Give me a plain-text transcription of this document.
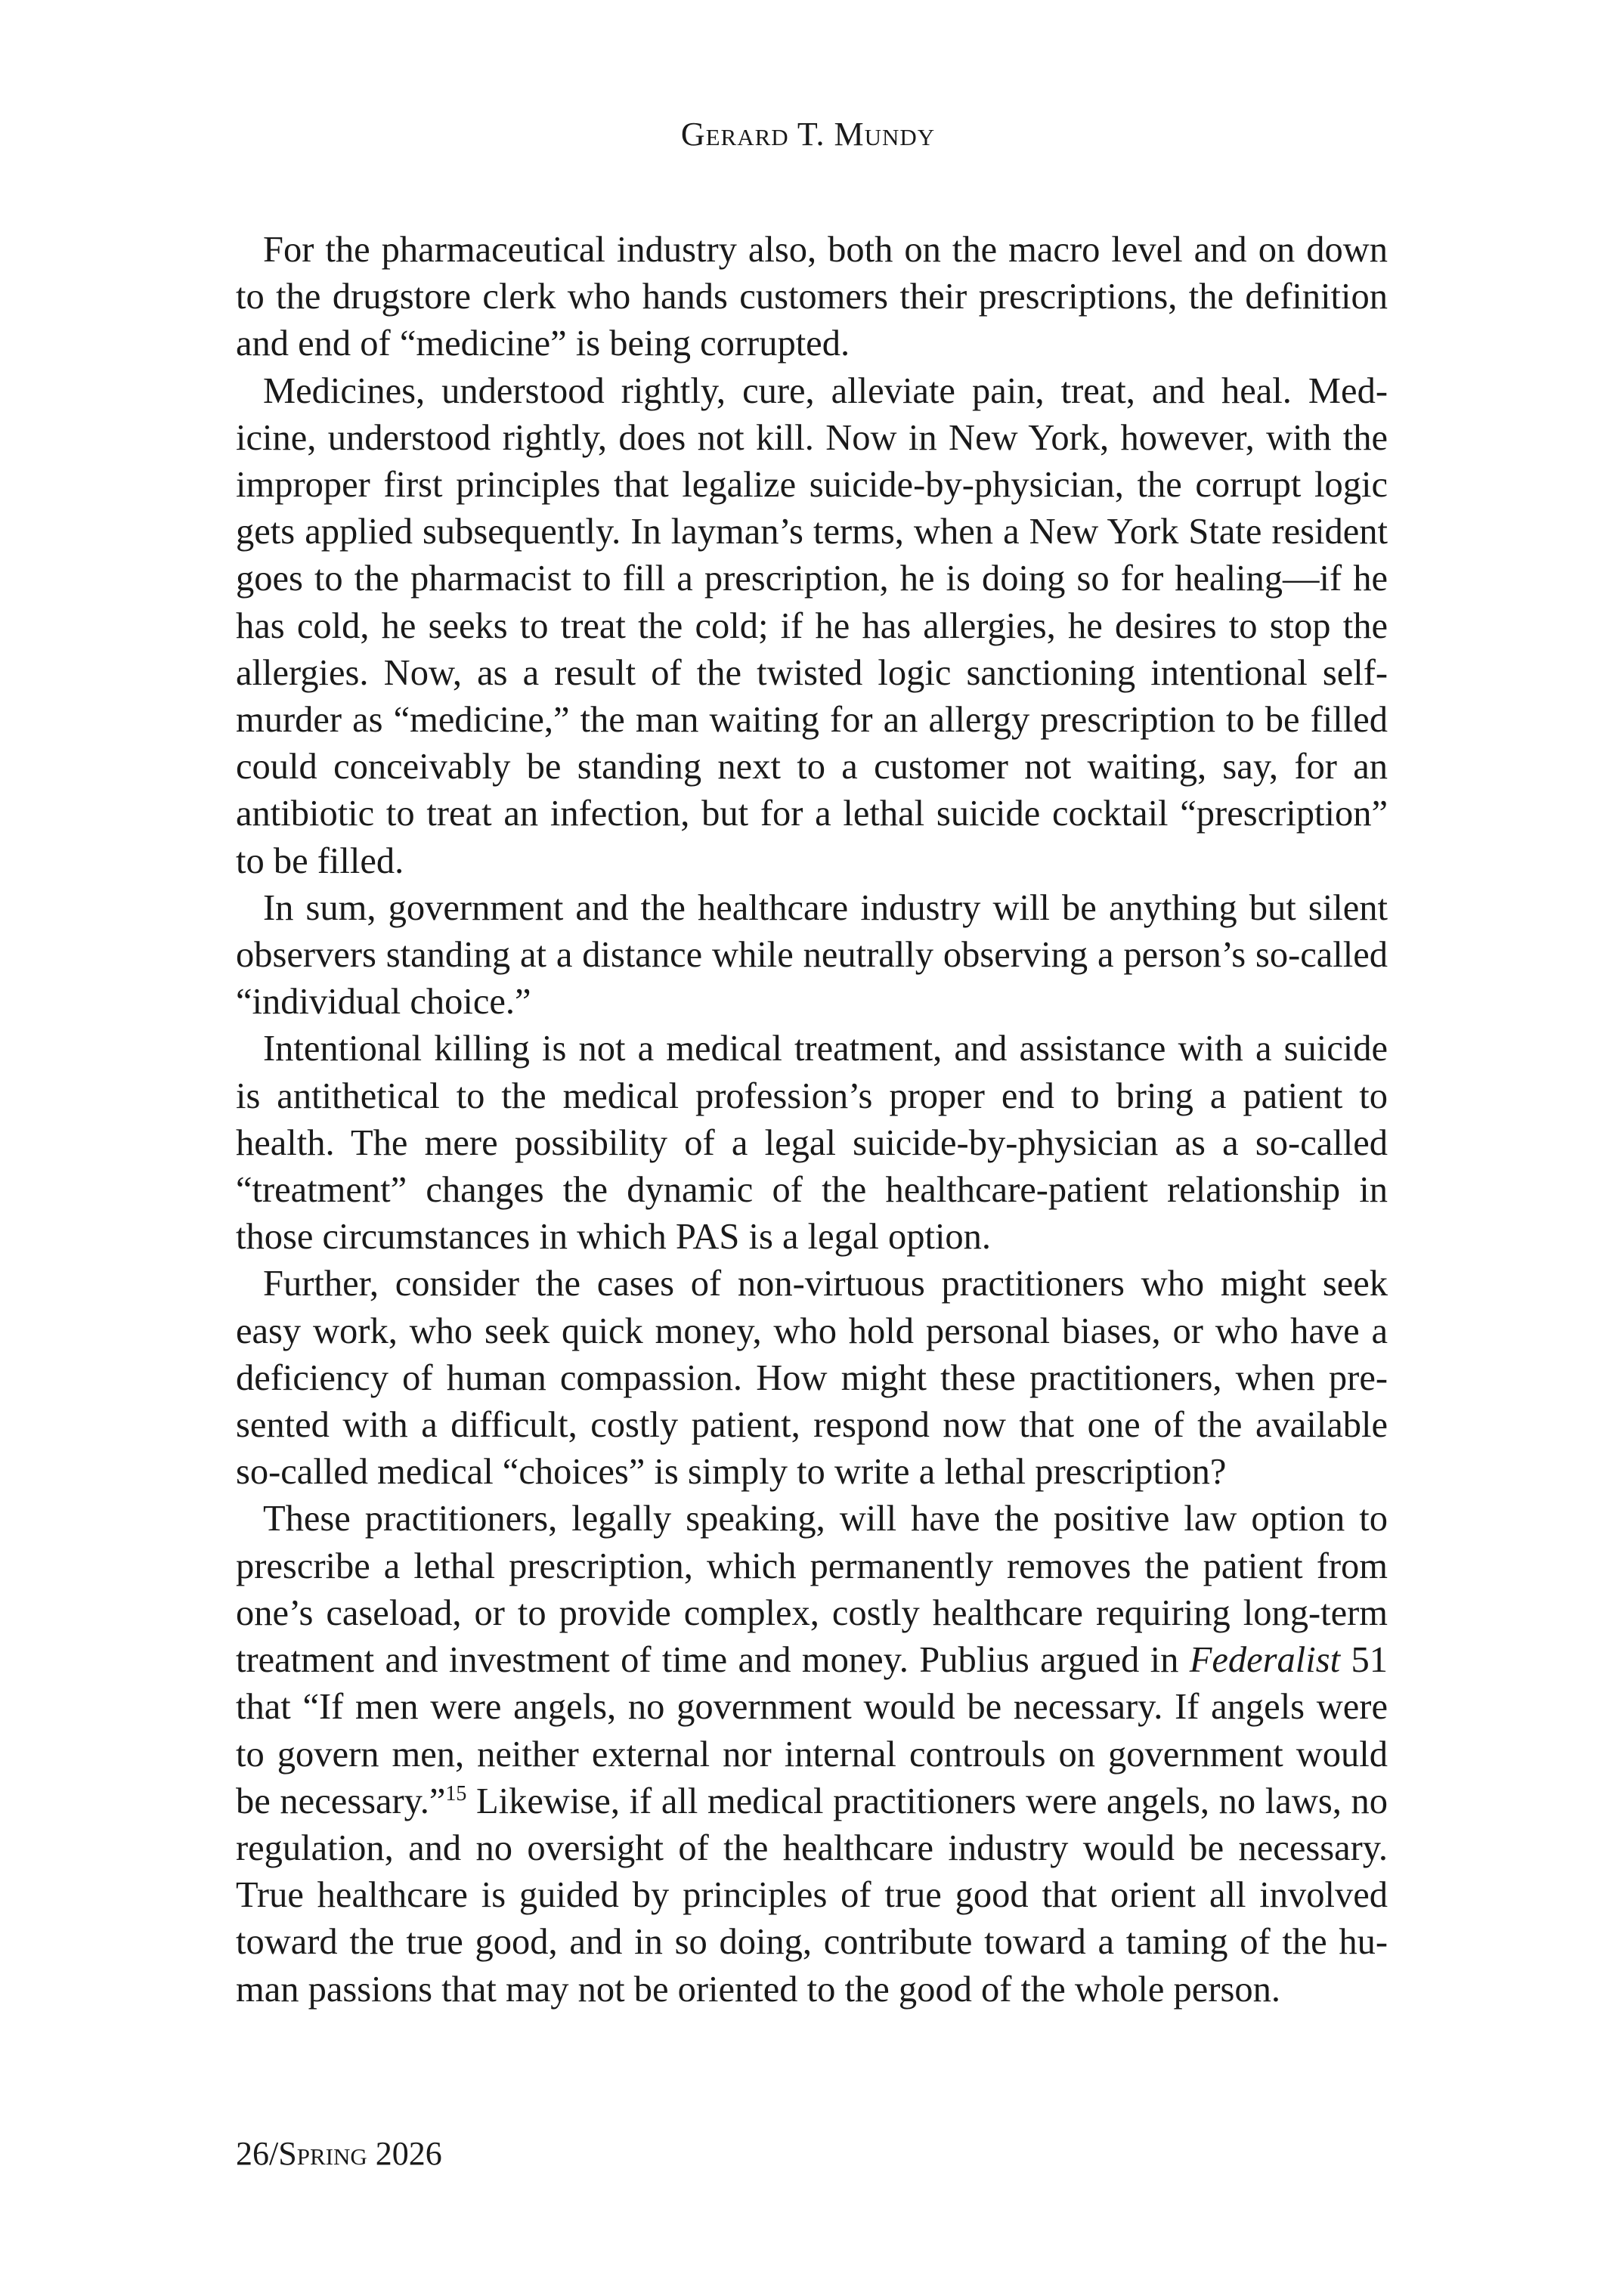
Gerard T. Mundy

For the pharmaceutical industry also, both on the macro level and on down to the drugstore clerk who hands customers their prescriptions, the definition and end of “medicine” is being corrupted.

Medicines, understood rightly, cure, alleviate pain, treat, and heal. Medicine, understood rightly, does not kill. Now in New York, however, with the improper first principles that legalize suicide-by-physician, the corrupt logic gets applied subsequently. In layman’s terms, when a New York State resident goes to the pharmacist to fill a prescription, he is doing so for healing—if he has cold, he seeks to treat the cold; if he has allergies, he desires to stop the allergies. Now, as a result of the twisted logic sanctioning intentional self-murder as “medicine,” the man waiting for an allergy prescription to be filled could conceivably be standing next to a customer not waiting, say, for an antibiotic to treat an infection, but for a lethal suicide cocktail “prescription” to be filled.

In sum, government and the healthcare industry will be anything but silent observers standing at a distance while neutrally observing a person’s so-called “individual choice.”

Intentional killing is not a medical treatment, and assistance with a suicide is antithetical to the medical profession’s proper end to bring a patient to health. The mere possibility of a legal suicide-by-physician as a so-called “treatment” changes the dynamic of the healthcare-patient relationship in those circumstances in which PAS is a legal option.

Further, consider the cases of non-virtuous practitioners who might seek easy work, who seek quick money, who hold personal biases, or who have a deficiency of human compassion. How might these practitioners, when presented with a difficult, costly patient, respond now that one of the available so-called medical “choices” is simply to write a lethal prescription?

These practitioners, legally speaking, will have the positive law option to prescribe a lethal prescription, which permanently removes the patient from one’s caseload, or to provide complex, costly healthcare requiring long-term treatment and investment of time and money. Publius argued in Federalist 51 that “If men were angels, no government would be necessary. If angels were to govern men, neither external nor internal controuls on government would be necessary.”$^{15}$ Likewise, if all medical practitioners were angels, no laws, no regulation, and no oversight of the healthcare industry would be necessary. True healthcare is guided by principles of true good that orient all involved toward the true good, and in so doing, contribute toward a taming of the human passions that may not be oriented to the good of the whole person.

26/Spring 2026
